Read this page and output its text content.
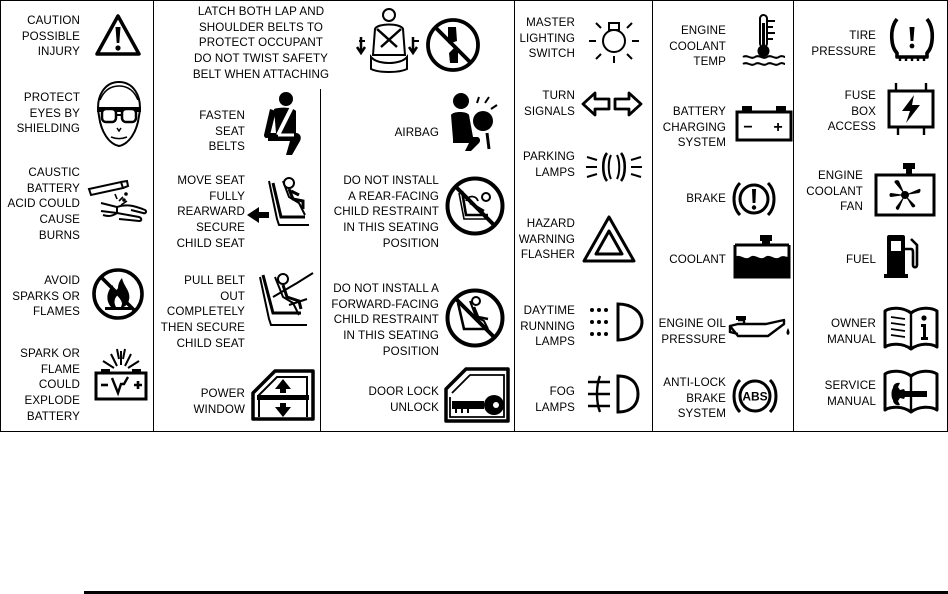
CAUTION
POSSIBLE
INJURY
PROTECT
EYES BY
SHIELDING
CAUSTIC
BATTERY
ACID COULD
CAUSE
BURNS
AVOID
SPARKS OR
FLAMES
SPARK OR
FLAME
COULD
EXPLODE
BATTERY
LATCH BOTH LAP AND
SHOULDER BELTS TO
PROTECT OCCUPANT
DO NOT TWIST SAFETY
BELT WHEN ATTACHING
FASTEN
SEAT
BELTS
AIRBAG
MOVE SEAT
FULLY
REARWARD
SECURE
CHILD SEAT
DO NOT INSTALL
A REAR-FACING
CHILD RESTRAINT
IN THIS SEATING
POSITION
PULL BELT
OUT
COMPLETELY
THEN SECURE
CHILD SEAT
DO NOT INSTALL A
FORWARD-FACING
CHILD RESTRAINT
IN THIS SEATING
POSITION
POWER
WINDOW
DOOR LOCK
UNLOCK
MASTER
LIGHTING
SWITCH
TURN
SIGNALS
PARKING
LAMPS
HAZARD
WARNING
FLASHER
DAYTIME
RUNNING
LAMPS
FOG
LAMPS
ENGINE
COOLANT
TEMP
BATTERY
CHARGING
SYSTEM
− +
BRAKE
COOLANT
ENGINE OIL
PRESSURE
ANTI-LOCK
BRAKE
SYSTEM
ABS
TIRE
PRESSURE
FUSE
BOX
ACCESS
ENGINE
COOLANT
FAN
FUEL
OWNER
MANUAL
SERVICE
MANUAL
